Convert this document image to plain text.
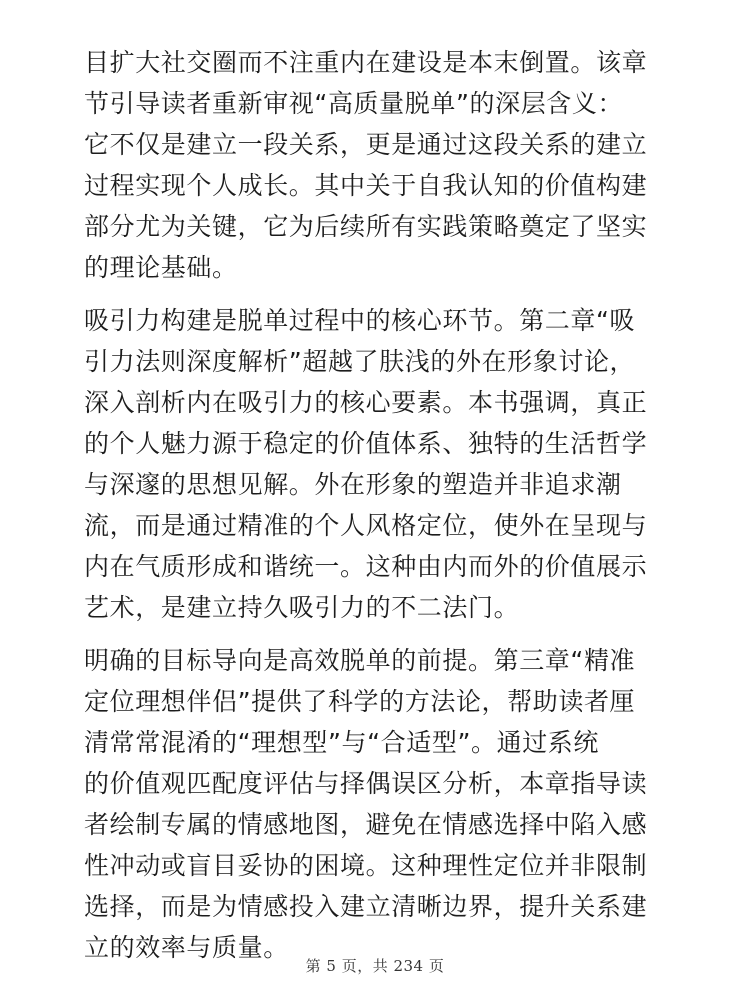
目扩大社交圈而不注重内在建设是本末倒置。该章
节引导读者重新审视“高质量脱单”的深层含义：
它不仅是建立一段关系，更是通过这段关系的建立
过程实现个人成长。其中关于自我认知的价值构建
部分尤为关键，它为后续所有实践策略奠定了坚实
的理论基础。

吸引力构建是脱单过程中的核心环节。第二章“吸
引力法则深度解析”超越了肤浅的外在形象讨论，
深入剖析内在吸引力的核心要素。本书强调，真正
的个人魅力源于稳定的价值体系、独特的生活哲学
与深邃的思想见解。外在形象的塑造并非追求潮
流，而是通过精准的个人风格定位，使外在呈现与
内在气质形成和谐统一。这种由内而外的价值展示
艺术，是建立持久吸引力的不二法门。

明确的目标导向是高效脱单的前提。第三章“精准
定位理想伴侣”提供了科学的方法论，帮助读者厘
清常常混淆的“理想型”与“合适型”。通过系统
的价值观匹配度评估与择偶误区分析，本章指导读
者绘制专属的情感地图，避免在情感选择中陷入感
性冲动或盲目妥协的困境。这种理性定位并非限制
选择，而是为情感投入建立清晰边界，提升关系建
立的效率与质量。

第 5 页，共 234 页
